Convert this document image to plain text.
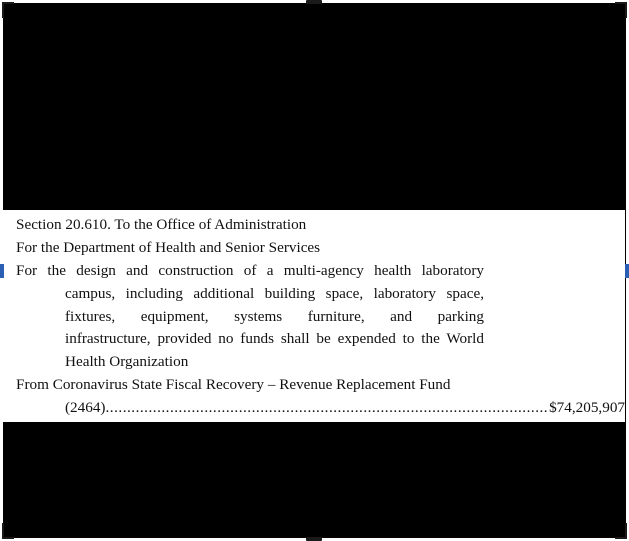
Section 20.610. To the Office of Administration
For the Department of Health and Senior Services
For the design and construction of a multi-agency health laboratory
campus, including additional building space, laboratory space,
fixtures, equipment, systems furniture, and parking
infrastructure, provided no funds shall be expended to the World
Health Organization
From Coronavirus State Fiscal Recovery – Revenue Replacement Fund
(2464)
.....	$74,205,907
